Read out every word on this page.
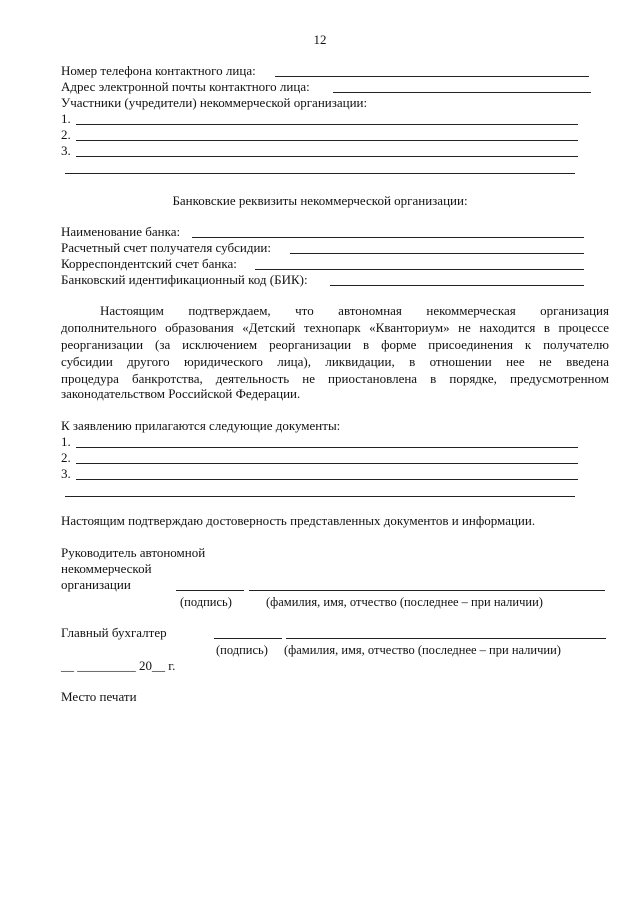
12
Номер телефона контактного лица:
Адрес электронной почты контактного лица:
Участники (учредители) некоммерческой организации:
1.
2.
3.
Банковские реквизиты некоммерческой организации:
Наименование банка:
Расчетный счет получателя субсидии:
Корреспондентский счет банка:
Банковский идентификационный код (БИК):
Настоящим подтверждаем, что автономная некоммерческая организация
дополнительного образования «Детский технопарк «Кванториум» не находится в процессе
реорганизации (за исключением реорганизации в форме присоединения к получателю
субсидии другого юридического лица), ликвидации, в отношении нее не введена
процедура банкротства, деятельность не приостановлена в порядке, предусмотренном
законодательством Российской Федерации.
К заявлению прилагаются следующие документы:
1.
2.
3.
Настоящим подтверждаю достоверность представленных документов и информации.
Руководитель автономной
некоммерческой
организации
(подпись)	(фамилия, имя, отчество (последнее – при наличии)
Главный бухгалтер
(подпись) (фамилия, имя, отчество (последнее – при наличии)
__ _________ 20__ г.
Место печати
